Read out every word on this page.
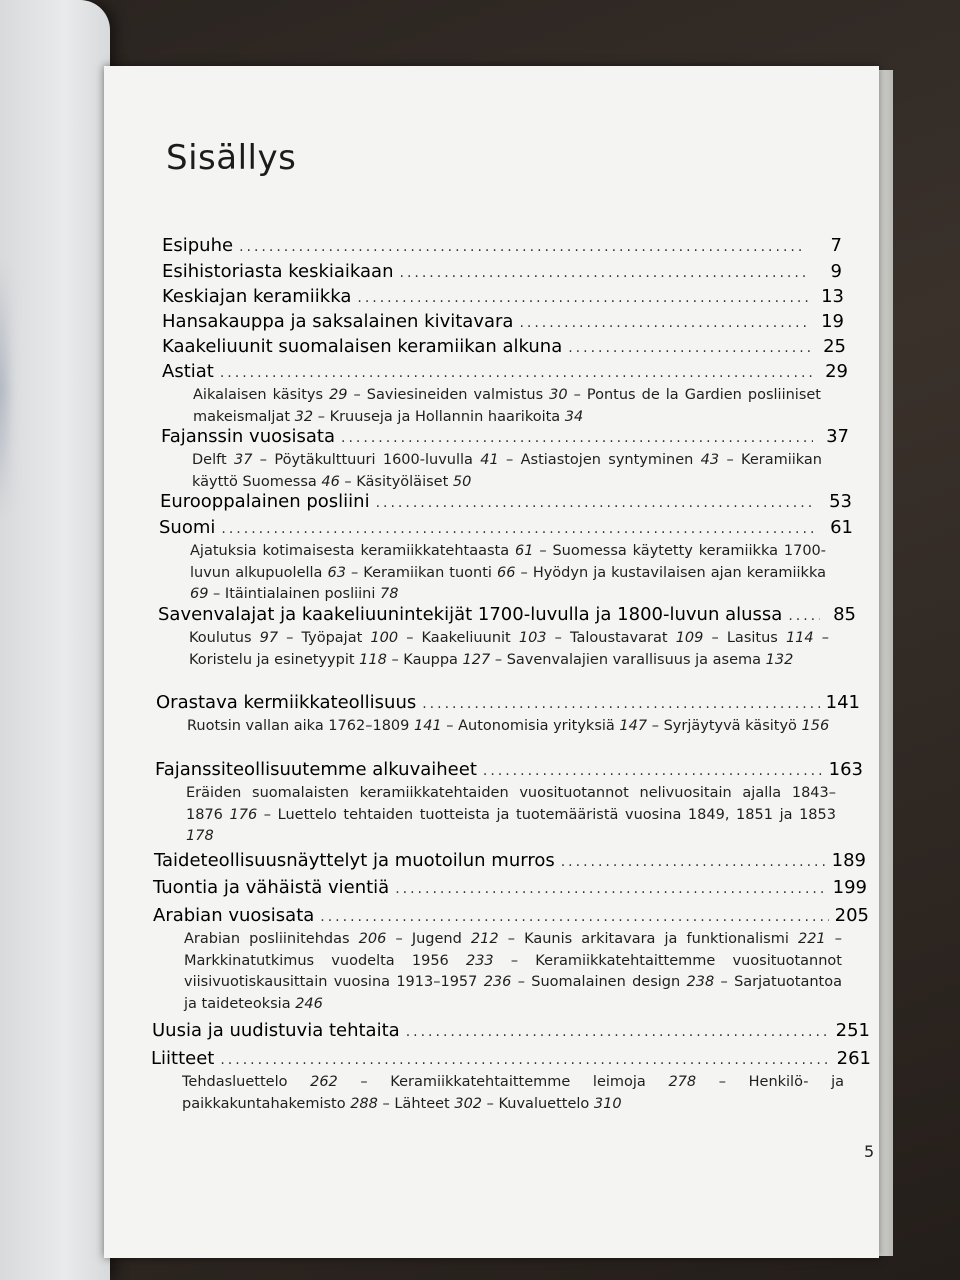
Sisällys
Esipuhe .....	7
Esihistoriasta keskiaikaan .....	9
Keskiajan keramiikka .....	13
Hansakauppa ja saksalainen kivitavara .....	19
Kaakeliuunit suomalaisen keramiikan alkuna .....	25
Astiat .....	29
Aikalaisen käsitys 29 – Saviesineiden valmistus 30 – Pontus de la Gardien posliiniset makeismaljat 32 – Kruuseja ja Hollannin haarikoita 34
Fajanssin vuosisata .....	37
Delft 37 – Pöytäkulttuuri 1600-luvulla 41 – Astiastojen syntyminen 43 – Keramiikan käyttö Suomessa 46 – Käsityöläiset 50
Eurooppalainen posliini .....	53
Suomi .....	61
Ajatuksia kotimaisesta keramiikkatehtaasta 61 – Suomessa käytetty keramiikka 1700-luvun alkupuolella 63 – Keramiikan tuonti 66 – Hyödyn ja kustavilaisen ajan keramiikka 69 – Itäintialainen posliini 78
Savenvalajat ja kaakeliuunintekijät 1700-luvulla ja 1800-luvun alussa .....	85
Koulutus 97 – Työpajat 100 – Kaakeliuunit 103 – Taloustavarat 109 – Lasitus 114 – Koristelu ja esinetyypit 118 – Kauppa 127 – Savenvalajien varallisuus ja asema 132
Orastava kermiikkateollisuus .....	141
Ruotsin vallan aika 1762–1809 141 – Autonomisia yrityksiä 147 – Syrjäytyvä käsityö 156
Fajanssiteollisuutemme alkuvaiheet .....	163
Eräiden suomalaisten keramiikkatehtaiden vuosituotannot nelivuositain ajalla 1843–1876 176 – Luettelo tehtaiden tuotteista ja tuotemääristä vuosina 1849, 1851 ja 1853 178
Taideteollisuusnäyttelyt ja muotoilun murros .....	189
Tuontia ja vähäistä vientiä .....	199
Arabian vuosisata .....	205
Arabian posliinitehdas 206 – Jugend 212 – Kaunis arkitavara ja funktionalismi 221 – Markkinatutkimus vuodelta 1956 233 – Keramiikkatehtaittemme vuosituotannot viisivuotiskausittain vuosina 1913–1957 236 – Suomalainen design 238 – Sarjatuotantoa ja taideteoksia 246
Uusia ja uudistuvia tehtaita .....	251
Liitteet .....	261
Tehdasluettelo 262 – Keramiikkatehtaittemme leimoja 278 – Henkilö- ja paikkakuntahakemisto 288 – Lähteet 302 – Kuvaluettelo 310
5
